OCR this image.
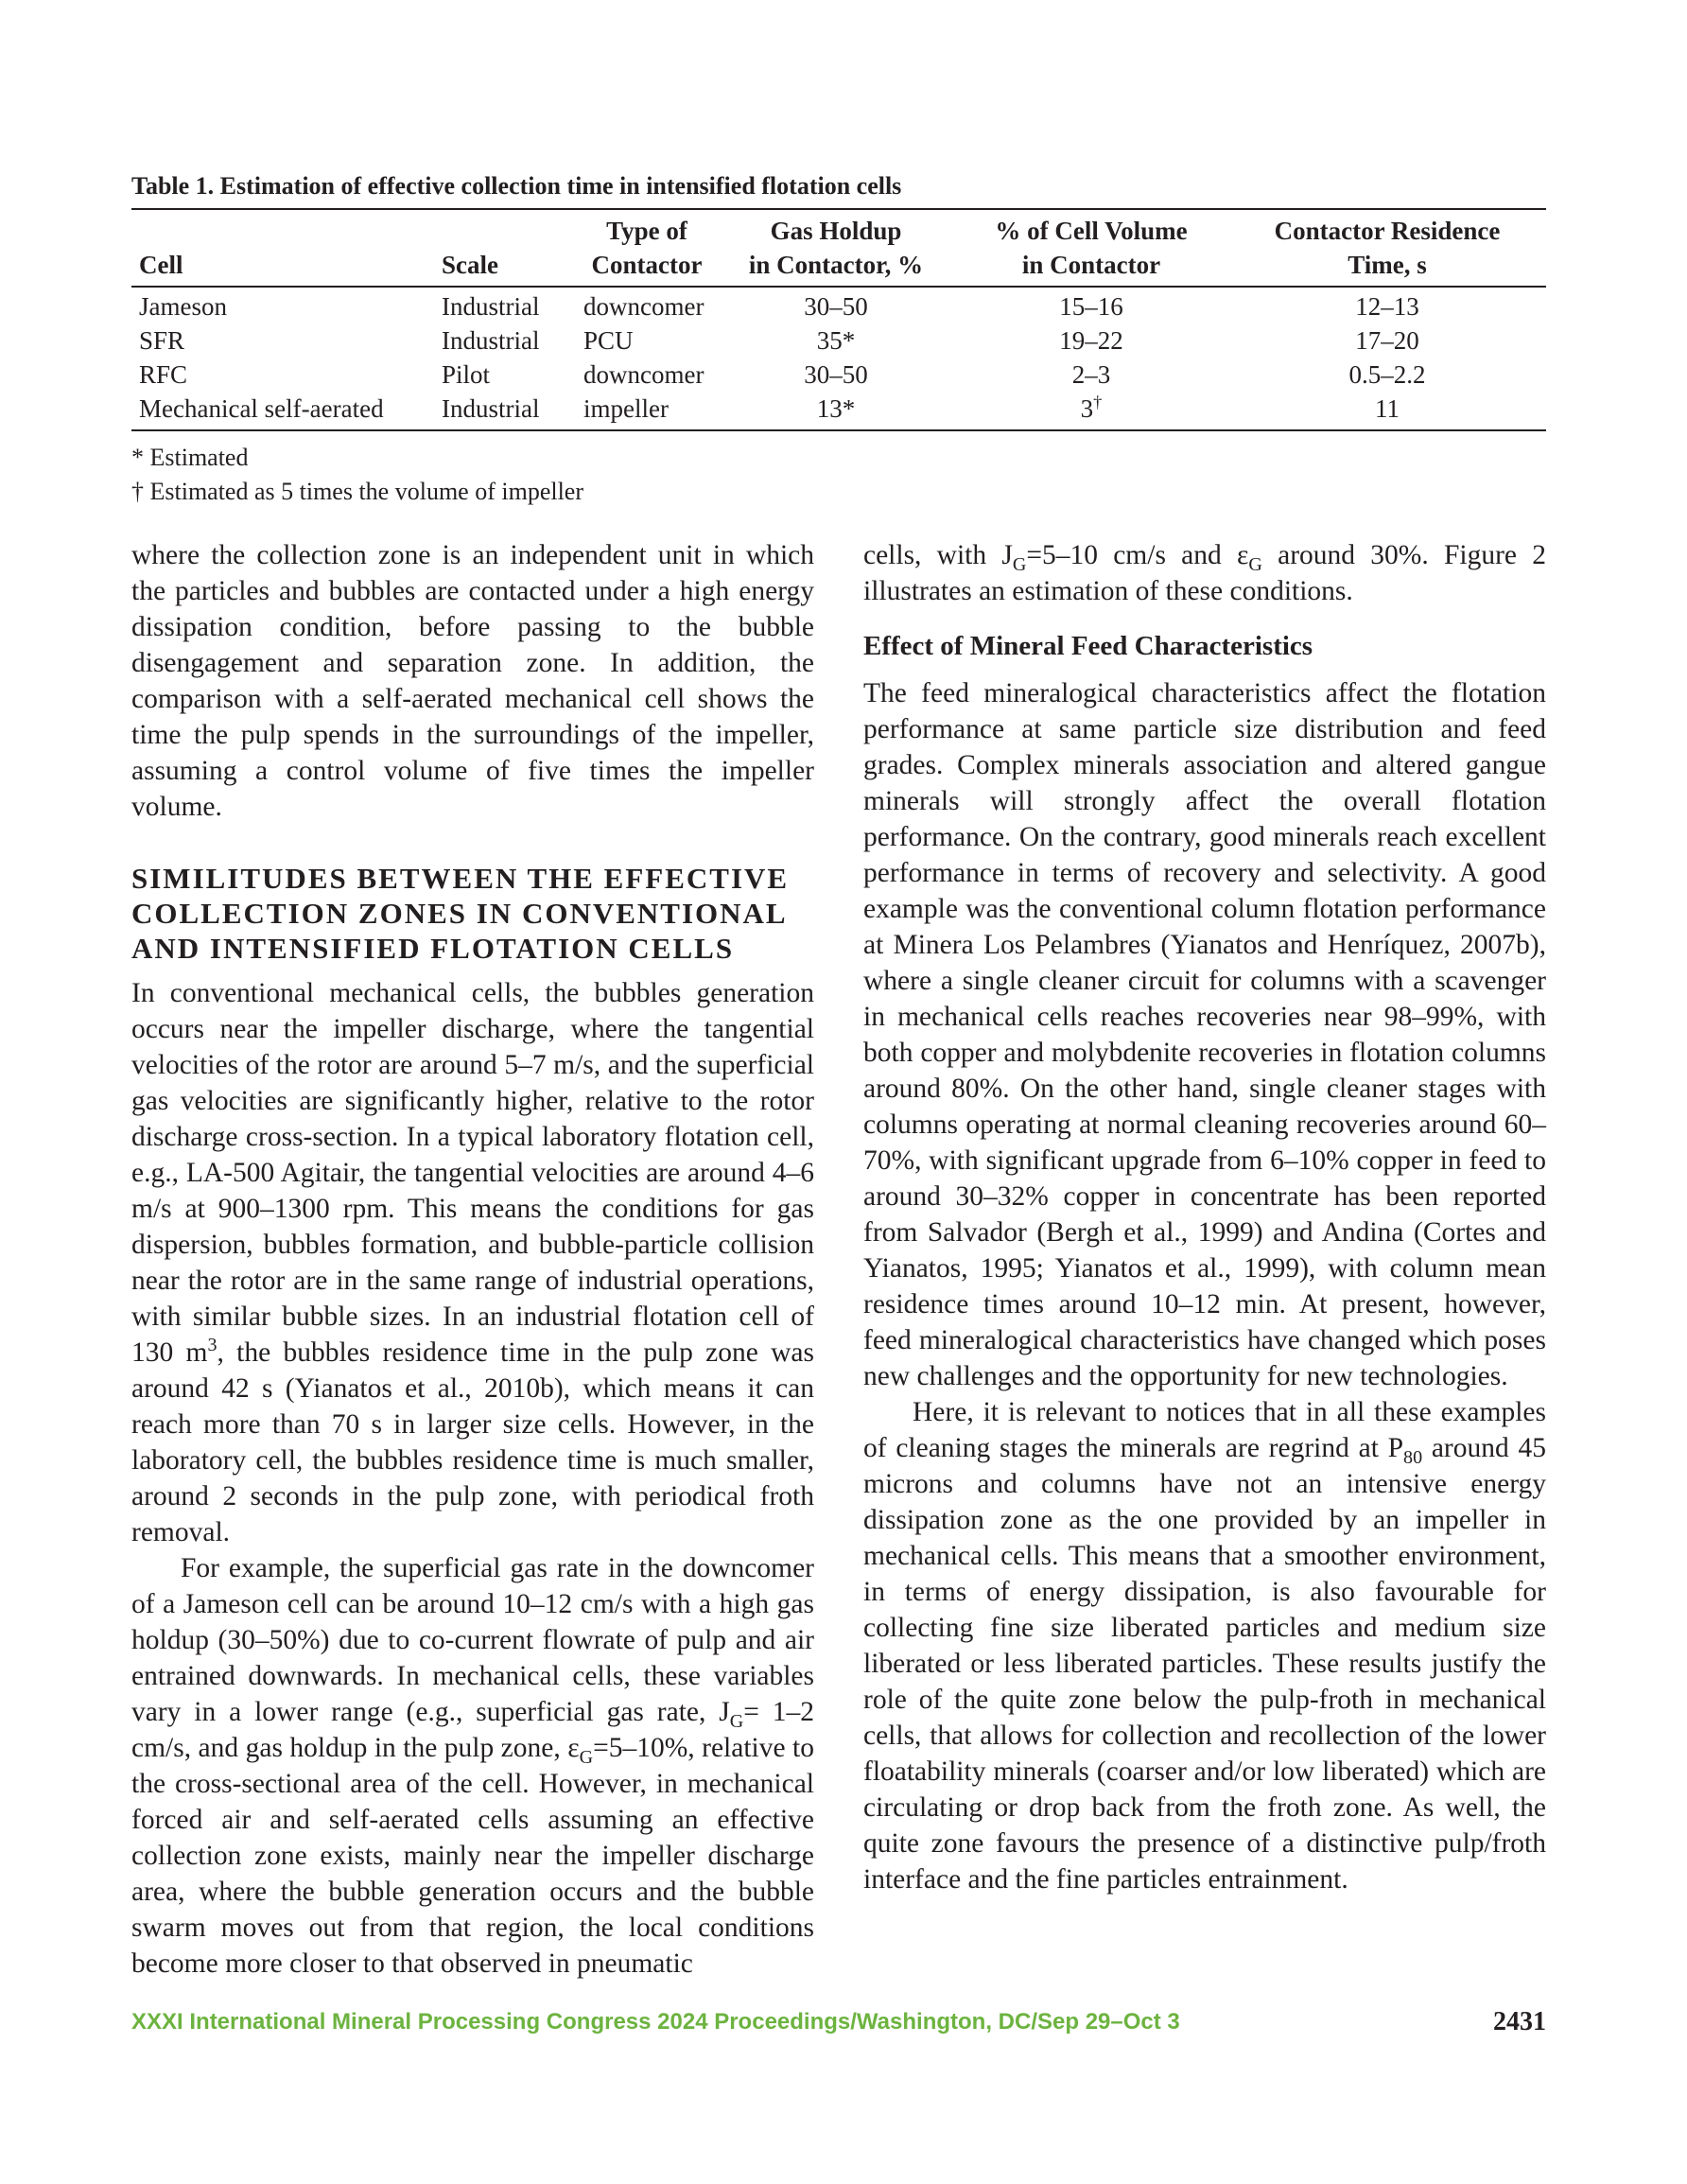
Table 1. Estimation of effective collection time in intensified flotation cells
		Type of	Gas Holdup	% of Cell Volume	Contactor Residence
Cell	Scale	Contactor	in Contactor, %	in Contactor	Time, s
Jameson	Industrial	downcomer	30–50	15–16	12–13
SFR	Industrial	PCU	35*	19–22	17–20
RFC	Pilot	downcomer	30–50	2–3	0.5–2.2
Mechanical self-aerated	Industrial	impeller	13*	3†	11
* Estimated
† Estimated as 5 times the volume of impeller

where the collection zone is an independent unit in which the particles and bubbles are contacted under a high energy dissipation condition, before passing to the bubble disengagement and separation zone. In addition, the comparison with a self-aerated mechanical cell shows the time the pulp spends in the surroundings of the impeller, assuming a control volume of five times the impeller volume.

SIMILITUDES BETWEEN THE EFFECTIVE COLLECTION ZONES IN CONVENTIONAL AND INTENSIFIED FLOTATION CELLS

In conventional mechanical cells, the bubbles generation occurs near the impeller discharge, where the tangential velocities of the rotor are around 5–7 m/s, and the superficial gas velocities are significantly higher, relative to the rotor discharge cross-section. In a typical laboratory flotation cell, e.g., LA-500 Agitair, the tangential velocities are around 4–6 m/s at 900–1300 rpm. This means the conditions for gas dispersion, bubbles formation, and bubble-particle collision near the rotor are in the same range of industrial operations, with similar bubble sizes. In an industrial flotation cell of 130 $m^3$, the bubbles residence time in the pulp zone was around 42 s (Yianatos et al., 2010b), which means it can reach more than 70 s in larger size cells. However, in the laboratory cell, the bubbles residence time is much smaller, around 2 seconds in the pulp zone, with periodical froth removal.

For example, the superficial gas rate in the downcomer of a Jameson cell can be around 10–12 cm/s with a high gas holdup (30–50%) due to co-current flowrate of pulp and air entrained downwards. In mechanical cells, these variables vary in a lower range (e.g., superficial gas rate, $J_G= 1-2$ cm/s, and gas holdup in the pulp zone, $\varepsilon_G=5-10\%$, relative to the cross-sectional area of the cell. However, in mechanical forced air and self-aerated cells assuming an effective collection zone exists, mainly near the impeller discharge area, where the bubble generation occurs and the bubble swarm moves out from that region, the local conditions become more closer to that observed in pneumatic

cells, with $J_G=5-10$ cm/s and $\varepsilon_G$ around 30%. Figure 2 illustrates an estimation of these conditions.

Effect of Mineral Feed Characteristics

The feed mineralogical characteristics affect the flotation performance at same particle size distribution and feed grades. Complex minerals association and altered gangue minerals will strongly affect the overall flotation performance. On the contrary, good minerals reach excellent performance in terms of recovery and selectivity. A good example was the conventional column flotation performance at Minera Los Pelambres (Yianatos and Henríquez, 2007b), where a single cleaner circuit for columns with a scavenger in mechanical cells reaches recoveries near 98–99%, with both copper and molybdenite recoveries in flotation columns around 80%. On the other hand, single cleaner stages with columns operating at normal cleaning recoveries around 60–70%, with significant upgrade from 6–10% copper in feed to around 30–32% copper in concentrate has been reported from Salvador (Bergh et al., 1999) and Andina (Cortes and Yianatos, 1995; Yianatos et al., 1999), with column mean residence times around 10–12 min. At present, however, feed mineralogical characteristics have changed which poses new challenges and the opportunity for new technologies.

Here, it is relevant to notices that in all these examples of cleaning stages the minerals are regrind at $P_{80}$ around 45 microns and columns have not an intensive energy dissipation zone as the one provided by an impeller in mechanical cells. This means that a smoother environment, in terms of energy dissipation, is also favourable for collecting fine size liberated particles and medium size liberated or less liberated particles. These results justify the role of the quite zone below the pulp-froth in mechanical cells, that allows for collection and recollection of the lower floatability minerals (coarser and/or low liberated) which are circulating or drop back from the froth zone. As well, the quite zone favours the presence of a distinctive pulp/froth interface and the fine particles entrainment.

XXXI International Mineral Processing Congress 2024 Proceedings/Washington, DC/Sep 29–Oct 3	2431
